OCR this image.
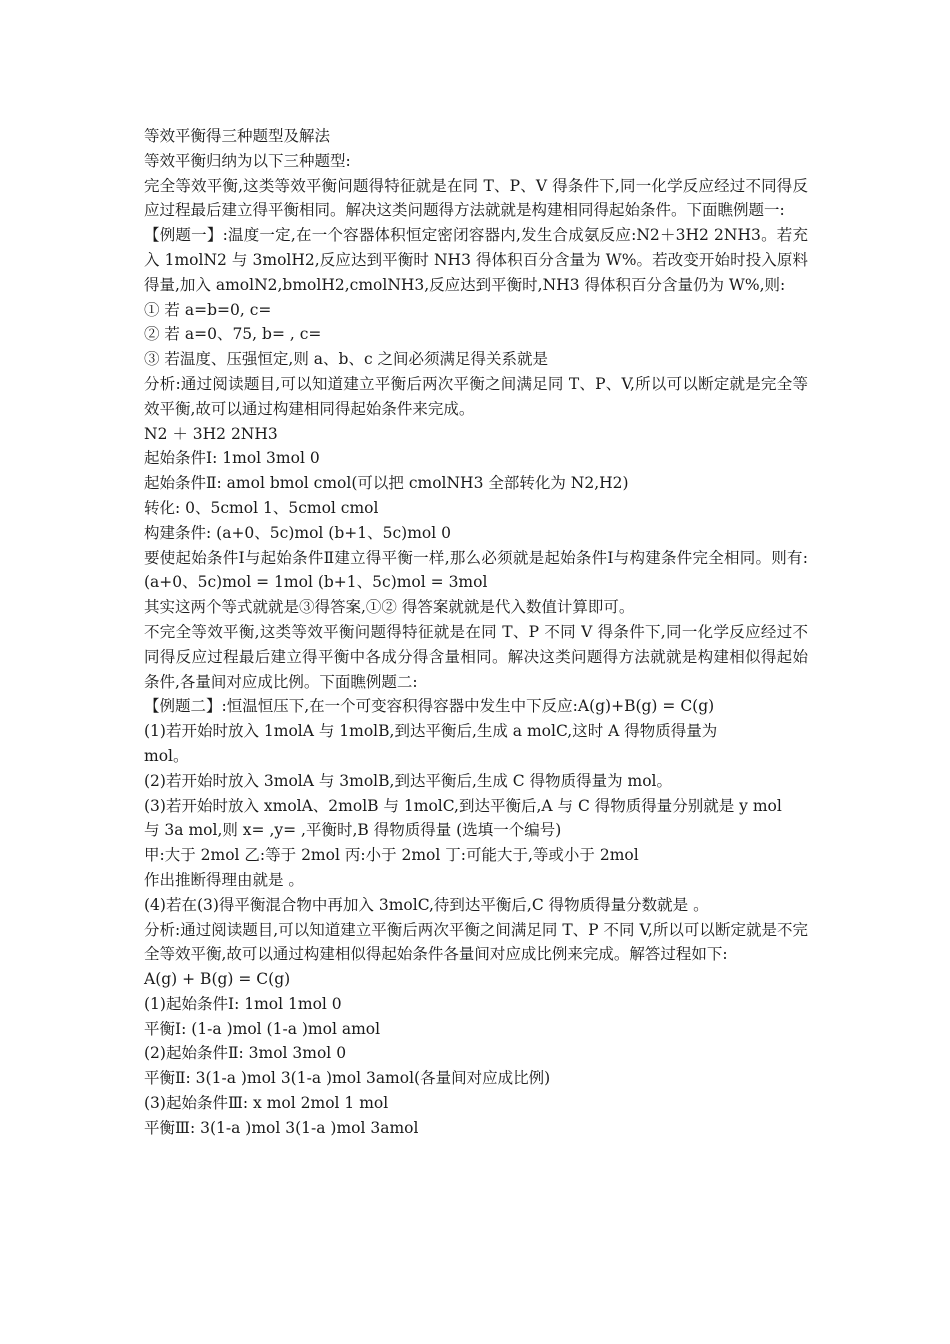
等效平衡得三种题型及解法

等效平衡归纳为以下三种题型:

完全等效平衡,这类等效平衡问题得特征就是在同 T、P、V 得条件下,同一化学反应经过不同得反应过程最后建立得平衡相同。解决这类问题得方法就就是构建相同得起始条件。下面瞧例题一:

【例题一】:温度一定,在一个容器体积恒定密闭容器内,发生合成氨反应:N2＋3H2 2NH3。若充入 1molN2 与 3molH2,反应达到平衡时 NH3 得体积百分含量为 W%。若改变开始时投入原料得量,加入 amolN2,bmolH2,cmolNH3,反应达到平衡时,NH3 得体积百分含量仍为 W%,则:

① 若 a=b=0, c=

② 若 a=0、75, b= , c=

③ 若温度、压强恒定,则 a、b、c 之间必须满足得关系就是

分析:通过阅读题目,可以知道建立平衡后两次平衡之间满足同 T、P、V,所以可以断定就是完全等效平衡,故可以通过构建相同得起始条件来完成。

N2 ＋ 3H2 2NH3

起始条件Ⅰ: 1mol 3mol 0

起始条件Ⅱ: amol bmol cmol(可以把 cmolNH3 全部转化为 N2,H2)

转化: 0、5cmol 1、5cmol cmol

构建条件: (a+0、5c)mol (b+1、5c)mol 0

要使起始条件Ⅰ与起始条件Ⅱ建立得平衡一样,那么必须就是起始条件Ⅰ与构建条件完全相同。则有:(a+0、5c)mol = 1mol (b+1、5c)mol = 3mol

其实这两个等式就就是③得答案,①② 得答案就就是代入数值计算即可。

不完全等效平衡,这类等效平衡问题得特征就是在同 T、P 不同 V 得条件下,同一化学反应经过不同得反应过程最后建立得平衡中各成分得含量相同。解决这类问题得方法就就是构建相似得起始条件,各量间对应成比例。下面瞧例题二:

【例题二】:恒温恒压下,在一个可变容积得容器中发生中下反应:A(g)+B(g) = C(g)

(1)若开始时放入 1molA 与 1molB,到达平衡后,生成 a molC,这时 A 得物质得量为

mol。

(2)若开始时放入 3molA 与 3molB,到达平衡后,生成 C 得物质得量为 mol。

(3)若开始时放入 xmolA、2molB 与 1molC,到达平衡后,A 与 C 得物质得量分别就是 y mol

与 3a mol,则 x= ,y= ,平衡时,B 得物质得量 (选填一个编号)

甲:大于 2mol 乙:等于 2mol 丙:小于 2mol 丁:可能大于,等或小于 2mol

作出推断得理由就是 。

(4)若在(3)得平衡混合物中再加入 3molC,待到达平衡后,C 得物质得量分数就是 。

分析:通过阅读题目,可以知道建立平衡后两次平衡之间满足同 T、P 不同 V,所以可以断定就是不完全等效平衡,故可以通过构建相似得起始条件各量间对应成比例来完成。解答过程如下:

A(g) + B(g) = C(g)

(1)起始条件Ⅰ: 1mol 1mol 0

平衡Ⅰ: (1-a )mol (1-a )mol amol

(2)起始条件Ⅱ: 3mol 3mol 0

平衡Ⅱ: 3(1-a )mol 3(1-a )mol 3amol(各量间对应成比例)

(3)起始条件Ⅲ: x mol 2mol 1 mol

平衡Ⅲ: 3(1-a )mol 3(1-a )mol 3amol
